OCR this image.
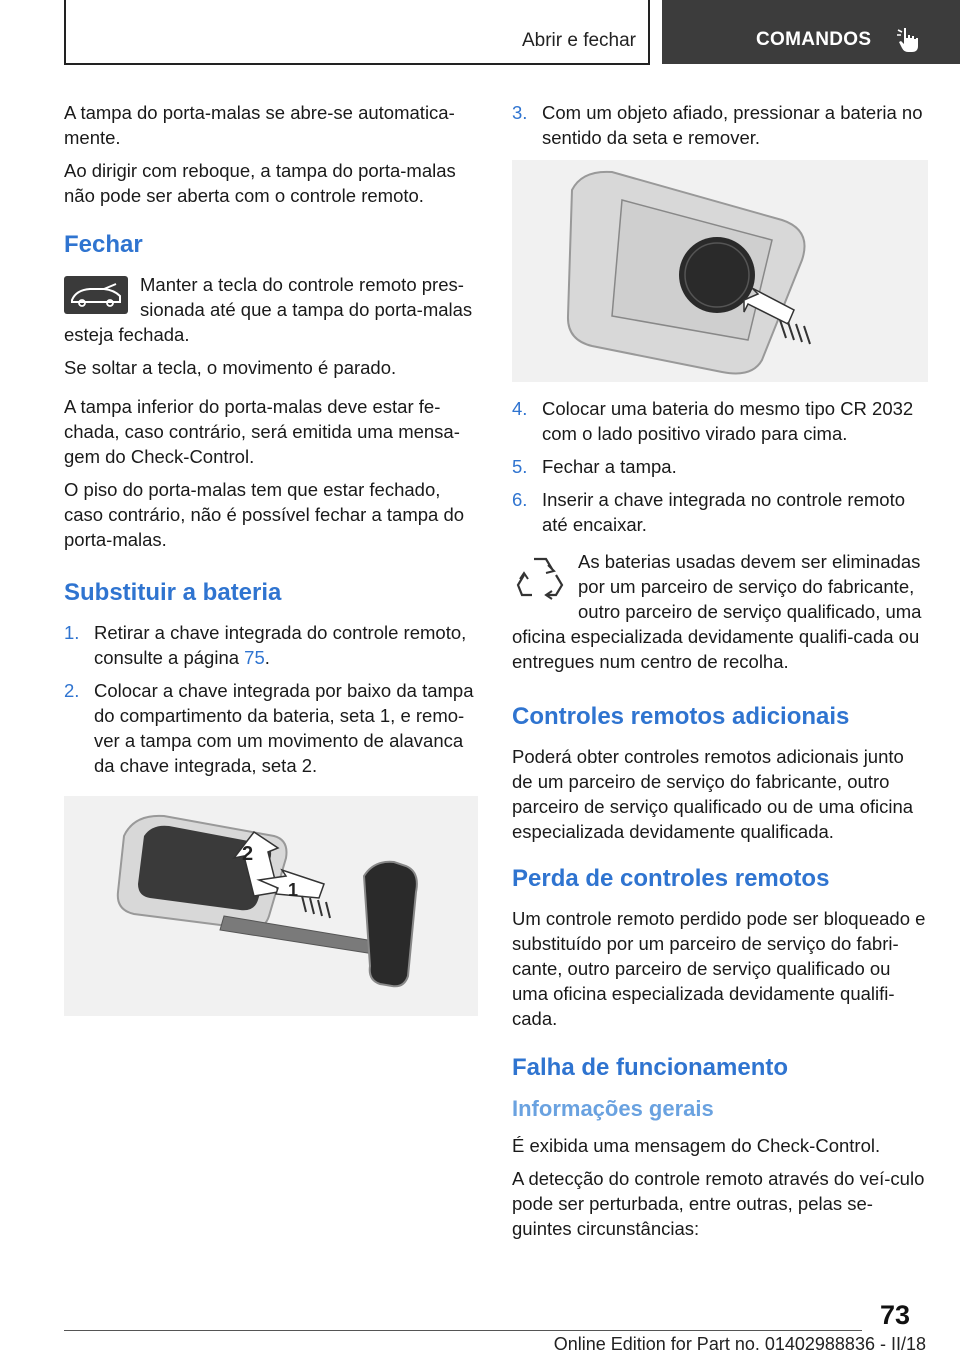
Abrir e fechar	COMANDOS

A tampa do porta-malas se abre-se automatica-mente.

Ao dirigir com reboque, a tampa do porta-malas não pode ser aberta com o controle remoto.

Fechar

Manter a tecla do controle remoto pres-sionada até que a tampa do porta-malas esteja fechada.

Se soltar a tecla, o movimento é parado.

A tampa inferior do porta-malas deve estar fe-chada, caso contrário, será emitida uma mensa-gem do Check-Control.

O piso do porta-malas tem que estar fechado, caso contrário, não é possível fechar a tampa do porta-malas.

Substituir a bateria
1. Retirar a chave integrada do controle remoto, consulte a página 75.
2. Colocar a chave integrada por baixo da tampa do compartimento da bateria, seta 1, e remo-ver a tampa com um movimento de alavanca da chave integrada, seta 2.
2
1
3. Com um objeto afiado, pressionar a bateria no sentido da seta e remover.
4. Colocar uma bateria do mesmo tipo CR 2032 com o lado positivo virado para cima.
5. Fechar a tampa.
6. Inserir a chave integrada no controle remoto até encaixar.

As baterias usadas devem ser eliminadas por um parceiro de serviço do fabricante, outro parceiro de serviço qualificado, uma oficina especializada devidamente qualifi-cada ou entregues num centro de recolha.

Controles remotos adicionais

Poderá obter controles remotos adicionais junto de um parceiro de serviço do fabricante, outro parceiro de serviço qualificado ou de uma oficina especializada devidamente qualificada.

Perda de controles remotos

Um controle remoto perdido pode ser bloqueado e substituído por um parceiro de serviço do fabri-cante, outro parceiro de serviço qualificado ou uma oficina especializada devidamente qualifi-cada.

Falha de funcionamento
Informações gerais

É exibida uma mensagem do Check-Control.

A detecção do controle remoto através do veí-culo pode ser perturbada, entre outras, pelas se-guintes circunstâncias:

73
Online Edition for Part no. 01402988836 - II/18
